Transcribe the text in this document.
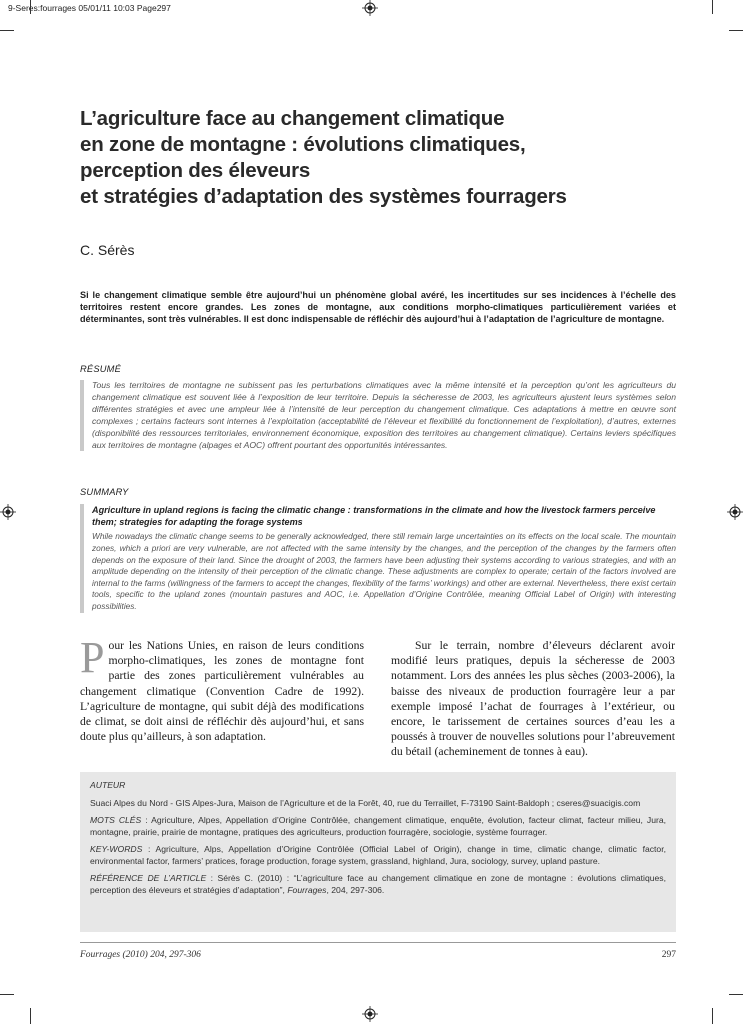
9-Seres:fourrages 05/01/11 10:03 Page297
L’agriculture face au changement climatique
en zone de montagne : évolutions climatiques,
perception des éleveurs
et stratégies d’adaptation des systèmes fourragers
C. Sérès

Si le changement climatique semble être aujourd’hui un phénomène global avéré, les incertitudes sur ses incidences à l’échelle des territoires restent encore grandes. Les zones de montagne, aux conditions morpho-climatiques particulièrement variées et déterminantes, sont très vulnérables. Il est donc indispensable de réfléchir dès aujourd’hui à l’adaptation de l’agriculture de montagne.

RÉSUMÉ

Tous les territoires de montagne ne subissent pas les perturbations climatiques avec la même intensité et la perception qu’ont les agriculteurs du changement climatique est souvent liée à l’exposition de leur territoire. Depuis la sécheresse de 2003, les agriculteurs ajustent leurs systèmes selon différentes stratégies et avec une ampleur liée à l’intensité de leur perception du changement climatique. Ces adaptations à mettre en œuvre sont complexes ; certains facteurs sont internes à l’exploitation (acceptabilité de l’éleveur et flexibilité du fonctionnement de l’exploitation), d’autres, externes (disponibilité des ressources territoriales, environnement économique, exposition des territoires au changement climatique). Certains leviers spécifiques aux territoires de montagne (alpages et AOC) offrent pourtant des opportunités intéressantes.

SUMMARY

Agriculture in upland regions is facing the climatic change : transformations in the climate and how the livestock farmers perceive them; strategies for adapting the forage systems

While nowadays the climatic change seems to be generally acknowledged, there still remain large uncertainties on its effects on the local scale. The mountain zones, which a priori are very vulnerable, are not affected with the same intensity by the changes, and the perception of the changes by the farmers often depends on the exposure of their land. Since the drought of 2003, the farmers have been adjusting their systems according to various strategies, and with an amplitude depending on the intensity of their perception of the climatic change. These adjustments are complex to operate; certain of the factors involved are internal to the farms (willingness of the farmers to accept the changes, flexibility of the farms’ workings) and other are external. Nevertheless, there exist certain tools, specific to the upland zones (mountain pastures and AOC, i.e. Appellation d’Origine Contrôlée, meaning Official Label of Origin) with interesting possibilities.

Pour les Nations Unies, en raison de leurs conditions morpho-climatiques, les zones de montagne font partie des zones particulièrement vulnérables au changement climatique (Convention Cadre de 1992). L’agriculture de montagne, qui subit déjà des modifications de climat, se doit ainsi de réfléchir dès aujourd’hui, et sans doute plus qu’ailleurs, à son adaptation.

Sur le terrain, nombre d’éleveurs déclarent avoir modifié leurs pratiques, depuis la sécheresse de 2003 notamment. Lors des années les plus sèches (2003-2006), la baisse des niveaux de production fourragère leur a par exemple imposé l’achat de fourrages à l’extérieur, ou encore, le tarissement de certaines sources d’eau les a poussés à trouver de nouvelles solutions pour l’abreuvement du bétail (acheminement de tonnes à eau).

AUTEUR

Suaci Alpes du Nord - GIS Alpes-Jura, Maison de l’Agriculture et de la Forêt, 40, rue du Terraillet, F-73190 Saint-Baldoph ; cseres@suacigis.com

MOTS CLÉS : Agriculture, Alpes, Appellation d’Origine Contrôlée, changement climatique, enquête, évolution, facteur climat, facteur milieu, Jura, montagne, prairie, prairie de montagne, pratiques des agriculteurs, production fourragère, sociologie, système fourrager.

KEY-WORDS : Agriculture, Alps, Appellation d’Origine Contrôlée (Official Label of Origin), change in time, climatic change, climatic factor, environmental factor, farmers’ pratices, forage production, forage system, grassland, highland, Jura, sociology, survey, upland pasture.

RÉFÉRENCE DE L’ARTICLE : Sérès C. (2010) : “L’agriculture face au changement climatique en zone de montagne : évolutions climatiques, perception des éleveurs et stratégies d’adaptation”, Fourrages, 204, 297-306.

Fourrages (2010) 204, 297-306	297
